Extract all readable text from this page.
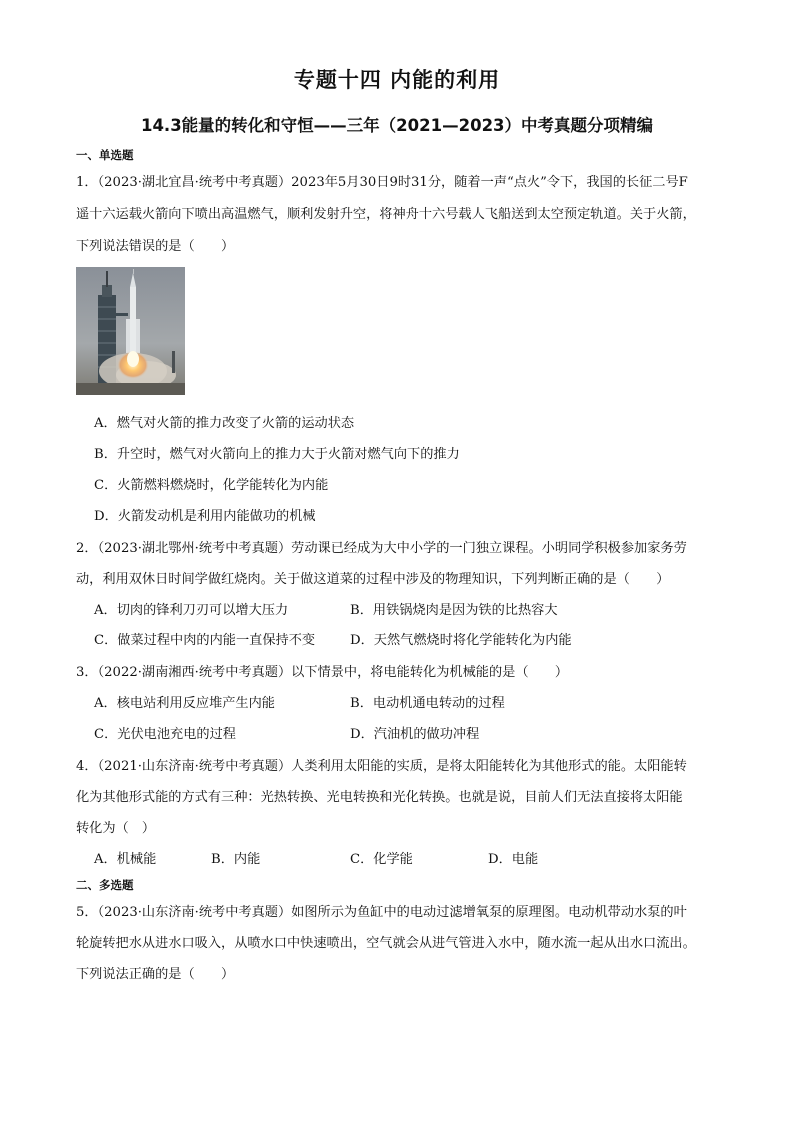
专题十四 内能的利用
14.3能量的转化和守恒——三年（2021—2023）中考真题分项精编
一、单选题
1．（2023·湖北宜昌·统考中考真题）2023年5月30日9时31分，随着一声“点火”令下，我国的长征二号F
遥十六运载火箭向下喷出高温燃气，顺利发射升空，将神舟十六号载人飞船送到太空预定轨道。关于火箭，
下列说法错误的是（　　）
A．燃气对火箭的推力改变了火箭的运动状态
B．升空时，燃气对火箭向上的推力大于火箭对燃气向下的推力
C．火箭燃料燃烧时，化学能转化为内能
D．火箭发动机是利用内能做功的机械
2．（2023·湖北鄂州·统考中考真题）劳动课已经成为大中小学的一门独立课程。小明同学积极参加家务劳
动，利用双休日时间学做红烧肉。关于做这道菜的过程中涉及的物理知识，下列判断正确的是（　　）
A．切肉的锋利刀刃可以增大压力	B．用铁锅烧肉是因为铁的比热容大
C．做菜过程中肉的内能一直保持不变	D．天然气燃烧时将化学能转化为内能
3．（2022·湖南湘西·统考中考真题）以下情景中，将电能转化为机械能的是（　　）
A．核电站利用反应堆产生内能	B．电动机通电转动的过程
C．光伏电池充电的过程	D．汽油机的做功冲程
4．（2021·山东济南·统考中考真题）人类利用太阳能的实质，是将太阳能转化为其他形式的能。太阳能转
化为其他形式能的方式有三种：光热转换、光电转换和光化转换。也就是说，目前人们无法直接将太阳能
转化为（　）
A．机械能	B．内能	C．化学能	D．电能
二、多选题
5．（2023·山东济南·统考中考真题）如图所示为鱼缸中的电动过滤增氧泵的原理图。电动机带动水泵的叶
轮旋转把水从进水口吸入，从喷水口中快速喷出，空气就会从进气管进入水中，随水流一起从出水口流出。
下列说法正确的是（　　）
